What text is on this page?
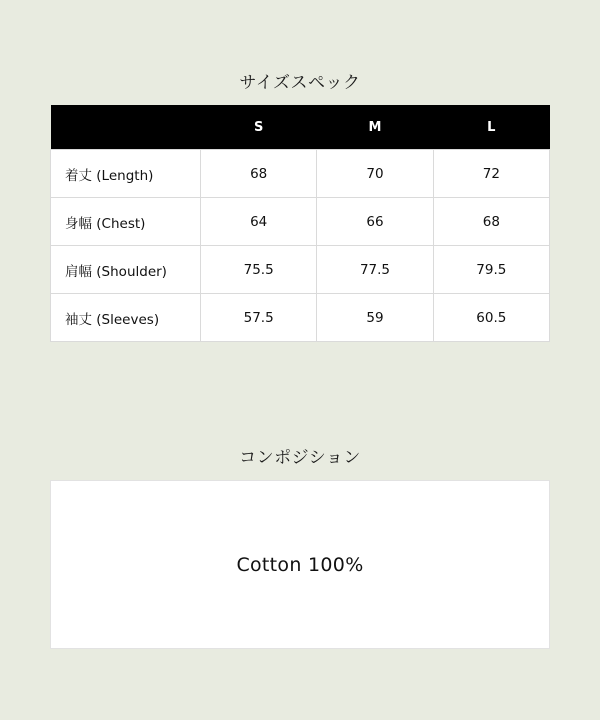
サイズスペック
	S	M	L
着丈 (Length)	68	70	72
身幅 (Chest)	64	66	68
肩幅 (Shoulder)	75.5	77.5	79.5
袖丈 (Sleeves)	57.5	59	60.5
コンポジション
Cotton 100%
